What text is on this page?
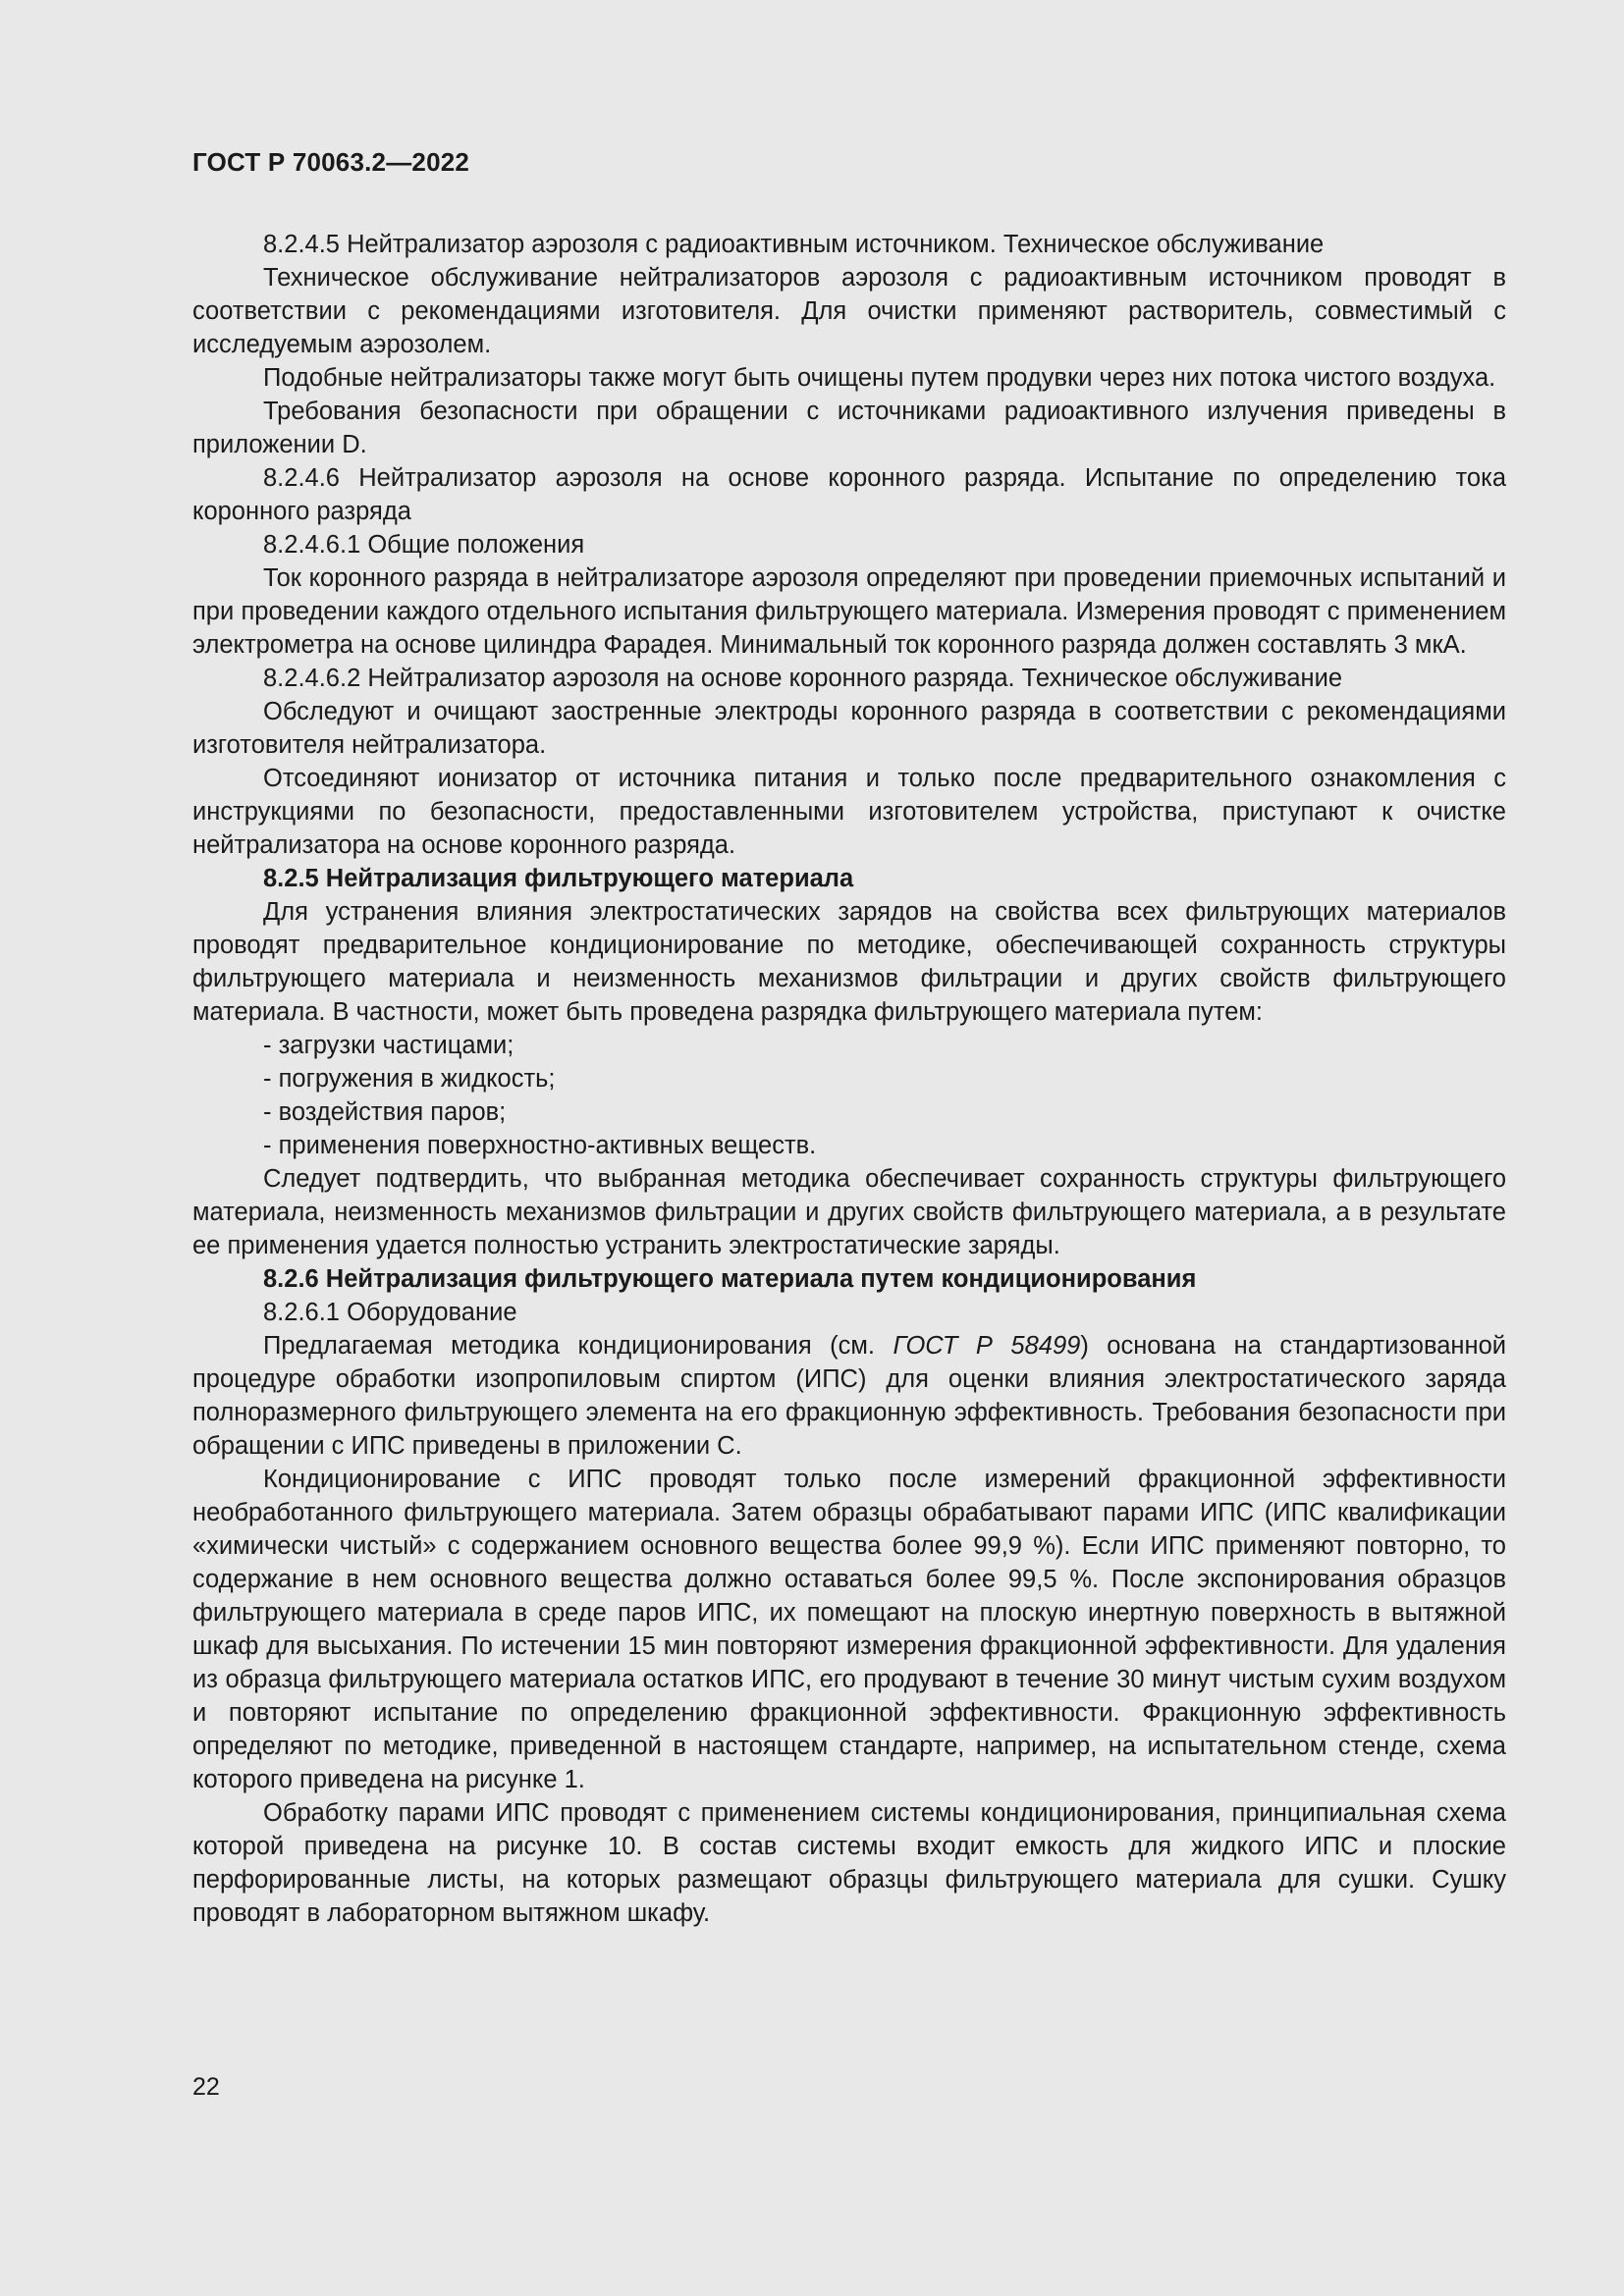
ГОСТ Р 70063.2—2022

8.2.4.5 Нейтрализатор аэрозоля с радиоактивным источником. Техническое обслуживание

Техническое обслуживание нейтрализаторов аэрозоля с радиоактивным источником проводят в соответствии с рекомендациями изготовителя. Для очистки применяют растворитель, совместимый с исследуемым аэрозолем.

Подобные нейтрализаторы также могут быть очищены путем продувки через них потока чистого воздуха.

Требования безопасности при обращении с источниками радиоактивного излучения приведены в приложении D.

8.2.4.6 Нейтрализатор аэрозоля на основе коронного разряда. Испытание по определению тока коронного разряда

8.2.4.6.1 Общие положения

Ток коронного разряда в нейтрализаторе аэрозоля определяют при проведении приемочных испытаний и при проведении каждого отдельного испытания фильтрующего материала. Измерения проводят с применением электрометра на основе цилиндра Фарадея. Минимальный ток коронного разряда должен составлять 3 мкА.

8.2.4.6.2 Нейтрализатор аэрозоля на основе коронного разряда. Техническое обслуживание

Обследуют и очищают заостренные электроды коронного разряда в соответствии с рекомендациями изготовителя нейтрализатора.

Отсоединяют ионизатор от источника питания и только после предварительного ознакомления с инструкциями по безопасности, предоставленными изготовителем устройства, приступают к очистке нейтрализатора на основе коронного разряда.

8.2.5 Нейтрализация фильтрующего материала

Для устранения влияния электростатических зарядов на свойства всех фильтрующих материалов проводят предварительное кондиционирование по методике, обеспечивающей сохранность структуры фильтрующего материала и неизменность механизмов фильтрации и других свойств фильтрующего материала. В частности, может быть проведена разрядка фильтрующего материала путем:

- загрузки частицами;

- погружения в жидкость;

- воздействия паров;

- применения поверхностно-активных веществ.

Следует подтвердить, что выбранная методика обеспечивает сохранность структуры фильтрующего материала, неизменность механизмов фильтрации и других свойств фильтрующего материала, а в результате ее применения удается полностью устранить электростатические заряды.

8.2.6 Нейтрализация фильтрующего материала путем кондиционирования

8.2.6.1 Оборудование

Предлагаемая методика кондиционирования (см. ГОСТ Р 58499) основана на стандартизованной процедуре обработки изопропиловым спиртом (ИПС) для оценки влияния электростатического заряда полноразмерного фильтрующего элемента на его фракционную эффективность. Требования безопасности при обращении с ИПС приведены в приложении С.

Кондиционирование с ИПС проводят только после измерений фракционной эффективности необработанного фильтрующего материала. Затем образцы обрабатывают парами ИПС (ИПС квалификации «химически чистый» с содержанием основного вещества более 99,9 %). Если ИПС применяют повторно, то содержание в нем основного вещества должно оставаться более 99,5 %. После экспонирования образцов фильтрующего материала в среде паров ИПС, их помещают на плоскую инертную поверхность в вытяжной шкаф для высыхания. По истечении 15 мин повторяют измерения фракционной эффективности. Для удаления из образца фильтрующего материала остатков ИПС, его продувают в течение 30 минут чистым сухим воздухом и повторяют испытание по определению фракционной эффективности. Фракционную эффективность определяют по методике, приведенной в настоящем стандарте, например, на испытательном стенде, схема которого приведена на рисунке 1.

Обработку парами ИПС проводят с применением системы кондиционирования, принципиальная схема которой приведена на рисунке 10. В состав системы входит емкость для жидкого ИПС и плоские перфорированные листы, на которых размещают образцы фильтрующего материала для сушки. Сушку проводят в лабораторном вытяжном шкафу.

22
